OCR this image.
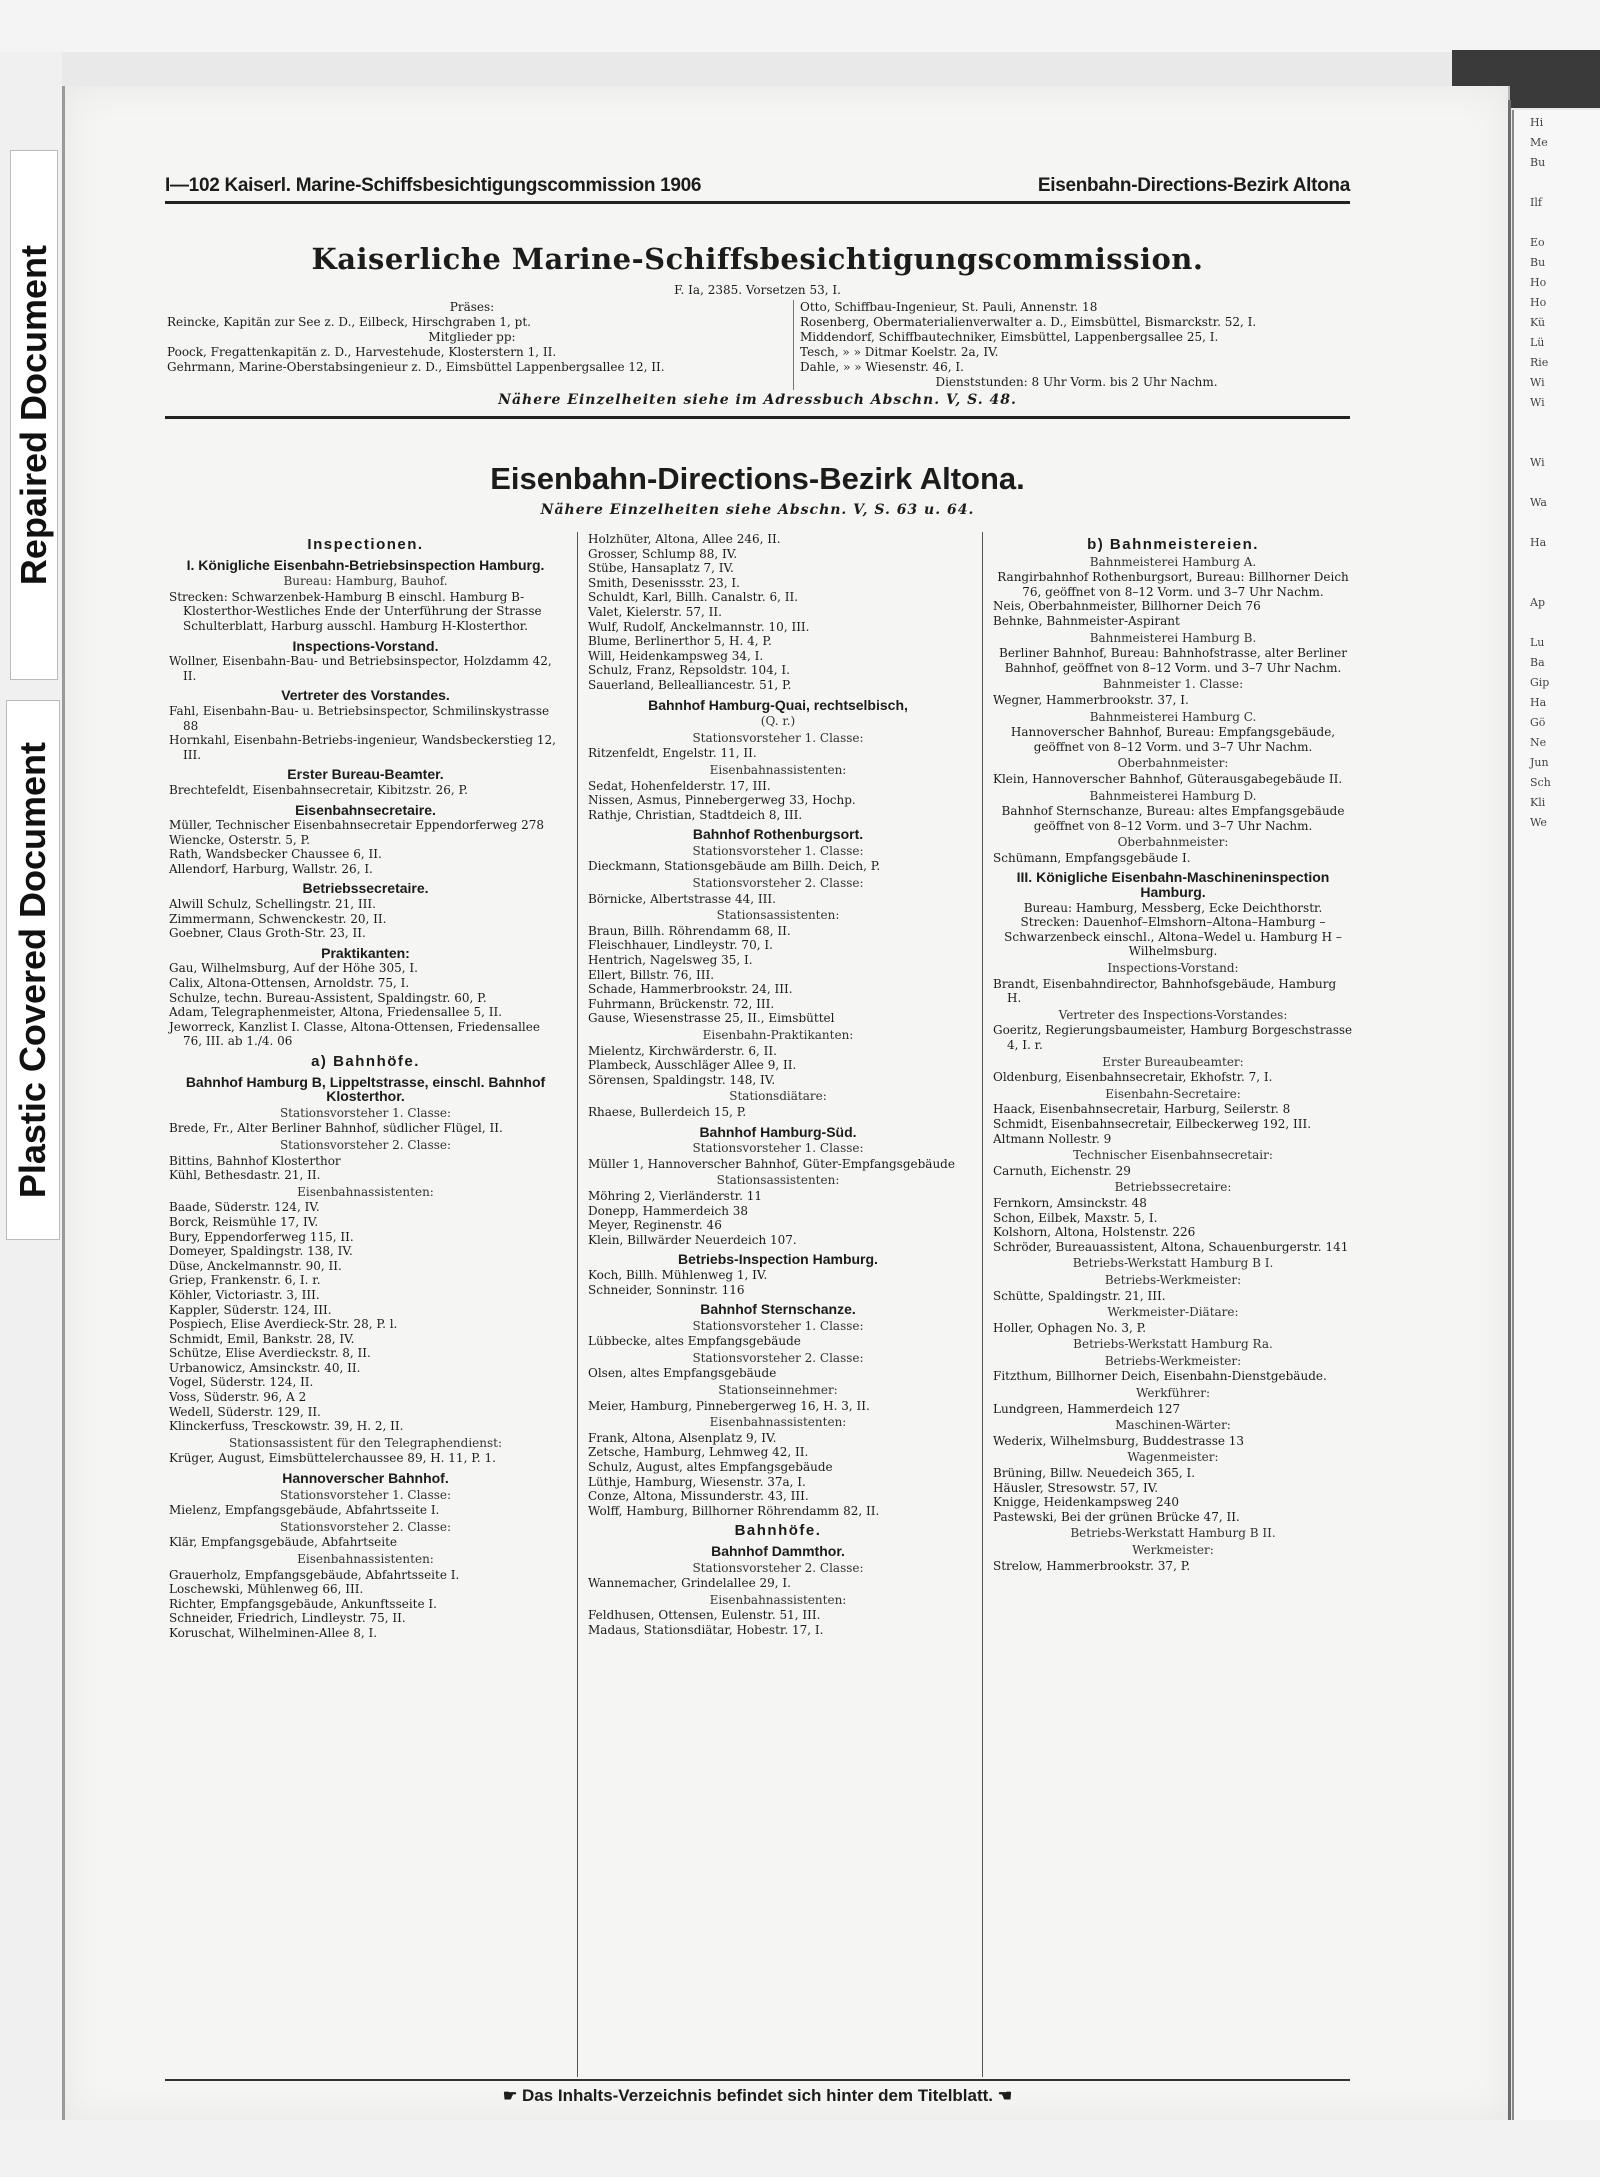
Repaired Document
Plastic Covered Document
I—102 Kaiserl. Marine-Schiffsbesichtigungscommission 1906	Eisenbahn-Directions-Bezirk Altona
Kaiserliche Marine-Schiffsbesichtigungscommission.
F. Ia, 2385. Vorsetzen 53, I.
Präses:
Reincke, Kapitän zur See z. D., Eilbeck, Hirschgraben 1, pt.
Mitglieder pp:
Poock, Fregattenkapitän z. D., Harvestehude, Klosterstern 1, II.
Gehrmann, Marine-Oberstabsingenieur z. D., Eimsbüttel Lappenbergsallee 12, II.
Otto, Schiffbau-Ingenieur, St. Pauli, Annenstr. 18
Rosenberg, Obermaterialienverwalter a. D., Eimsbüttel, Bismarckstr. 52, I.
Middendorf, Schiffbautechniker, Eimsbüttel, Lappenbergsallee 25, I.
Tesch, » » Ditmar Koelstr. 2a, IV.
Dahle, » » Wiesenstr. 46, I.
Dienststunden: 8 Uhr Vorm. bis 2 Uhr Nachm.
Nähere Einzelheiten siehe im Adressbuch Abschn. V, S. 48.
Eisenbahn-Directions-Bezirk Altona.
Nähere Einzelheiten siehe Abschn. V, S. 63 u. 64.
Inspectionen.
I. Königliche Eisenbahn-Betriebsinspection Hamburg.
Bureau: Hamburg, Bauhof.
Strecken: Schwarzenbek-Hamburg B einschl. Hamburg B-Klosterthor-Westliches Ende der Unterführung der Strasse Schulterblatt, Harburg ausschl. Hamburg H-Klosterthor.
Inspections-Vorstand.
Wollner, Eisenbahn-Bau- und Betriebsinspector, Holzdamm 42, II.
Vertreter des Vorstandes.
Fahl, Eisenbahn-Bau- u. Betriebsinspector, Schmilinskystrasse 88
Hornkahl, Eisenbahn-Betriebs-ingenieur, Wandsbeckerstieg 12, III.
Erster Bureau-Beamter.
Brechtefeldt, Eisenbahnsecretair, Kibitzstr. 26, P.
Eisenbahnsecretaire.
Müller, Technischer Eisenbahnsecretair Eppendorferweg 278
Wiencke, Osterstr. 5, P.
Rath, Wandsbecker Chaussee 6, II.
Allendorf, Harburg, Wallstr. 26, I.
Betriebssecretaire.
Alwill Schulz, Schellingstr. 21, III.
Zimmermann, Schwenckestr. 20, II.
Goebner, Claus Groth-Str. 23, II.
Praktikanten:
Gau, Wilhelmsburg, Auf der Höhe 305, I.
Calix, Altona-Ottensen, Arnoldstr. 75, I.
Schulze, techn. Bureau-Assistent, Spaldingstr. 60, P.
Adam, Telegraphenmeister, Altona, Friedensallee 5, II.
Jeworreck, Kanzlist I. Classe, Altona-Ottensen, Friedensallee 76, III. ab 1./4. 06
a) Bahnhöfe.
Bahnhof Hamburg B, Lippeltstrasse, einschl. Bahnhof Klosterthor.
Stationsvorsteher 1. Classe:
Brede, Fr., Alter Berliner Bahnhof, südlicher Flügel, II.
Stationsvorsteher 2. Classe:
Bittins, Bahnhof Klosterthor
Kühl, Bethesdastr. 21, II.
Eisenbahnassistenten:
Baade, Süderstr. 124, IV.
Borck, Reismühle 17, IV.
Bury, Eppendorferweg 115, II.
Domeyer, Spaldingstr. 138, IV.
Düse, Anckelmannstr. 90, II.
Griep, Frankenstr. 6, I. r.
Köhler, Victoriastr. 3, III.
Kappler, Süderstr. 124, III.
Pospiech, Elise Averdieck-Str. 28, P. l.
Schmidt, Emil, Bankstr. 28, IV.
Schütze, Elise Averdieckstr. 8, II.
Urbanowicz, Amsinckstr. 40, II.
Vogel, Süderstr. 124, II.
Voss, Süderstr. 96, A 2
Wedell, Süderstr. 129, II.
Klinckerfuss, Tresckowstr. 39, H. 2, II.
Stationsassistent für den Telegraphendienst:
Krüger, August, Eimsbüttelerchaussee 89, H. 11, P. 1.
Hannoverscher Bahnhof.
Stationsvorsteher 1. Classe:
Mielenz, Empfangsgebäude, Abfahrtsseite I.
Stationsvorsteher 2. Classe:
Klär, Empfangsgebäude, Abfahrtseite
Eisenbahnassistenten:
Grauerholz, Empfangsgebäude, Abfahrtsseite I.
Loschewski, Mühlenweg 66, III.
Richter, Empfangsgebäude, Ankunftsseite I.
Schneider, Friedrich, Lindleystr. 75, II.
Koruschat, Wilhelminen-Allee 8, I.
Holzhüter, Altona, Allee 246, II.
Grosser, Schlump 88, IV.
Stübe, Hansaplatz 7, IV.
Smith, Desenissstr. 23, I.
Schuldt, Karl, Billh. Canalstr. 6, II.
Valet, Kielerstr. 57, II.
Wulf, Rudolf, Anckelmannstr. 10, III.
Blume, Berlinerthor 5, H. 4, P.
Will, Heidenkampsweg 34, I.
Schulz, Franz, Repsoldstr. 104, I.
Sauerland, Bellealliancestr. 51, P.
Bahnhof Hamburg-Quai, rechtselbisch,
(Q. r.)
Stationsvorsteher 1. Classe:
Ritzenfeldt, Engelstr. 11, II.
Eisenbahnassistenten:
Sedat, Hohenfelderstr. 17, III.
Nissen, Asmus, Pinnebergerweg 33, Hochp.
Rathje, Christian, Stadtdeich 8, III.
Bahnhof Rothenburgsort.
Stationsvorsteher 1. Classe:
Dieckmann, Stationsgebäude am Billh. Deich, P.
Stationsvorsteher 2. Classe:
Börnicke, Albertstrasse 44, III.
Stationsassistenten:
Braun, Billh. Röhrendamm 68, II.
Fleischhauer, Lindleystr. 70, I.
Hentrich, Nagelsweg 35, I.
Ellert, Billstr. 76, III.
Schade, Hammerbrookstr. 24, III.
Fuhrmann, Brückenstr. 72, III.
Gause, Wiesenstrasse 25, II., Eimsbüttel
Eisenbahn-Praktikanten:
Mielentz, Kirchwärderstr. 6, II.
Plambeck, Ausschläger Allee 9, II.
Sörensen, Spaldingstr. 148, IV.
Stationsdiätare:
Rhaese, Bullerdeich 15, P.
Bahnhof Hamburg-Süd.
Stationsvorsteher 1. Classe:
Müller 1, Hannoverscher Bahnhof, Güter-Empfangsgebäude
Stationsassistenten:
Möhring 2, Vierländerstr. 11
Donepp, Hammerdeich 38
Meyer, Reginenstr. 46
Klein, Billwärder Neuerdeich 107.
Betriebs-Inspection Hamburg.
Koch, Billh. Mühlenweg 1, IV.
Schneider, Sonninstr. 116
Bahnhof Sternschanze.
Stationsvorsteher 1. Classe:
Lübbecke, altes Empfangsgebäude
Stationsvorsteher 2. Classe:
Olsen, altes Empfangsgebäude
Stationseinnehmer:
Meier, Hamburg, Pinnebergerweg 16, H. 3, II.
Eisenbahnassistenten:
Frank, Altona, Alsenplatz 9, IV.
Zetsche, Hamburg, Lehmweg 42, II.
Schulz, August, altes Empfangsgebäude
Lüthje, Hamburg, Wiesenstr. 37a, I.
Conze, Altona, Missunderstr. 43, III.
Wolff, Hamburg, Billhorner Röhrendamm 82, II.
Bahnhöfe.
Bahnhof Dammthor.
Stationsvorsteher 2. Classe:
Wannemacher, Grindelallee 29, I.
Eisenbahnassistenten:
Feldhusen, Ottensen, Eulenstr. 51, III.
Madaus, Stationsdiätar, Hobestr. 17, I.
b) Bahnmeistereien.
Bahnmeisterei Hamburg A.
Rangirbahnhof Rothenburgsort, Bureau: Billhorner Deich 76, geöffnet von 8–12 Vorm. und 3–7 Uhr Nachm.
Neis, Oberbahnmeister, Billhorner Deich 76
Behnke, Bahnmeister-Aspirant
Bahnmeisterei Hamburg B.
Berliner Bahnhof, Bureau: Bahnhofstrasse, alter Berliner Bahnhof, geöffnet von 8–12 Vorm. und 3–7 Uhr Nachm.
Bahnmeister 1. Classe:
Wegner, Hammerbrookstr. 37, I.
Bahnmeisterei Hamburg C.
Hannoverscher Bahnhof, Bureau: Empfangsgebäude, geöffnet von 8–12 Vorm. und 3–7 Uhr Nachm.
Oberbahnmeister:
Klein, Hannoverscher Bahnhof, Güterausgabegebäude II.
Bahnmeisterei Hamburg D.
Bahnhof Sternschanze, Bureau: altes Empfangsgebäude geöffnet von 8–12 Vorm. und 3–7 Uhr Nachm.
Oberbahnmeister:
Schümann, Empfangsgebäude I.
III. Königliche Eisenbahn-Maschineninspection Hamburg.
Bureau: Hamburg, Messberg, Ecke Deichthorstr. Strecken: Dauenhof–Elmshorn–Altona–Hamburg –Schwarzenbeck einschl., Altona–Wedel u. Hamburg H –Wilhelmsburg.
Inspections-Vorstand:
Brandt, Eisenbahndirector, Bahnhofsgebäude, Hamburg H.
Vertreter des Inspections-Vorstandes:
Goeritz, Regierungsbaumeister, Hamburg Borgeschstrasse 4, I. r.
Erster Bureaubeamter:
Oldenburg, Eisenbahnsecretair, Ekhofstr. 7, I.
Eisenbahn-Secretaire:
Haack, Eisenbahnsecretair, Harburg, Seilerstr. 8
Schmidt, Eisenbahnsecretair, Eilbeckerweg 192, III.
Altmann Nollestr. 9
Technischer Eisenbahnsecretair:
Carnuth, Eichenstr. 29
Betriebssecretaire:
Fernkorn, Amsinckstr. 48
Schon, Eilbek, Maxstr. 5, I.
Kolshorn, Altona, Holstenstr. 226
Schröder, Bureauassistent, Altona, Schauenburgerstr. 141
Betriebs-Werkstatt Hamburg B I.
Betriebs-Werkmeister:
Schütte, Spaldingstr. 21, III.
Werkmeister-Diätare:
Holler, Ophagen No. 3, P.
Betriebs-Werkstatt Hamburg Ra.
Betriebs-Werkmeister:
Fitzthum, Billhorner Deich, Eisenbahn-Dienstgebäude.
Werkführer:
Lundgreen, Hammerdeich 127
Maschinen-Wärter:
Wederix, Wilhelmsburg, Buddestrasse 13
Wagenmeister:
Brüning, Billw. Neuedeich 365, I.
Häusler, Stresowstr. 57, IV.
Knigge, Heidenkampsweg 240
Pastewski, Bei der grünen Brücke 47, II.
Betriebs-Werkstatt Hamburg B II.
Werkmeister:
Strelow, Hammerbrookstr. 37, P.
☛ Das Inhalts-Verzeichnis befindet sich hinter dem Titelblatt. ☚
Hi
Me
Bu
Ilf
Eo
Bu
Ho
Ho
Kü
Lü
Rie
Wi
Wi
Wi
Wa
Ha
Ap
Lu
Ba
Gip
Ha
Gö
Ne
Jun
Sch
Kli
We
